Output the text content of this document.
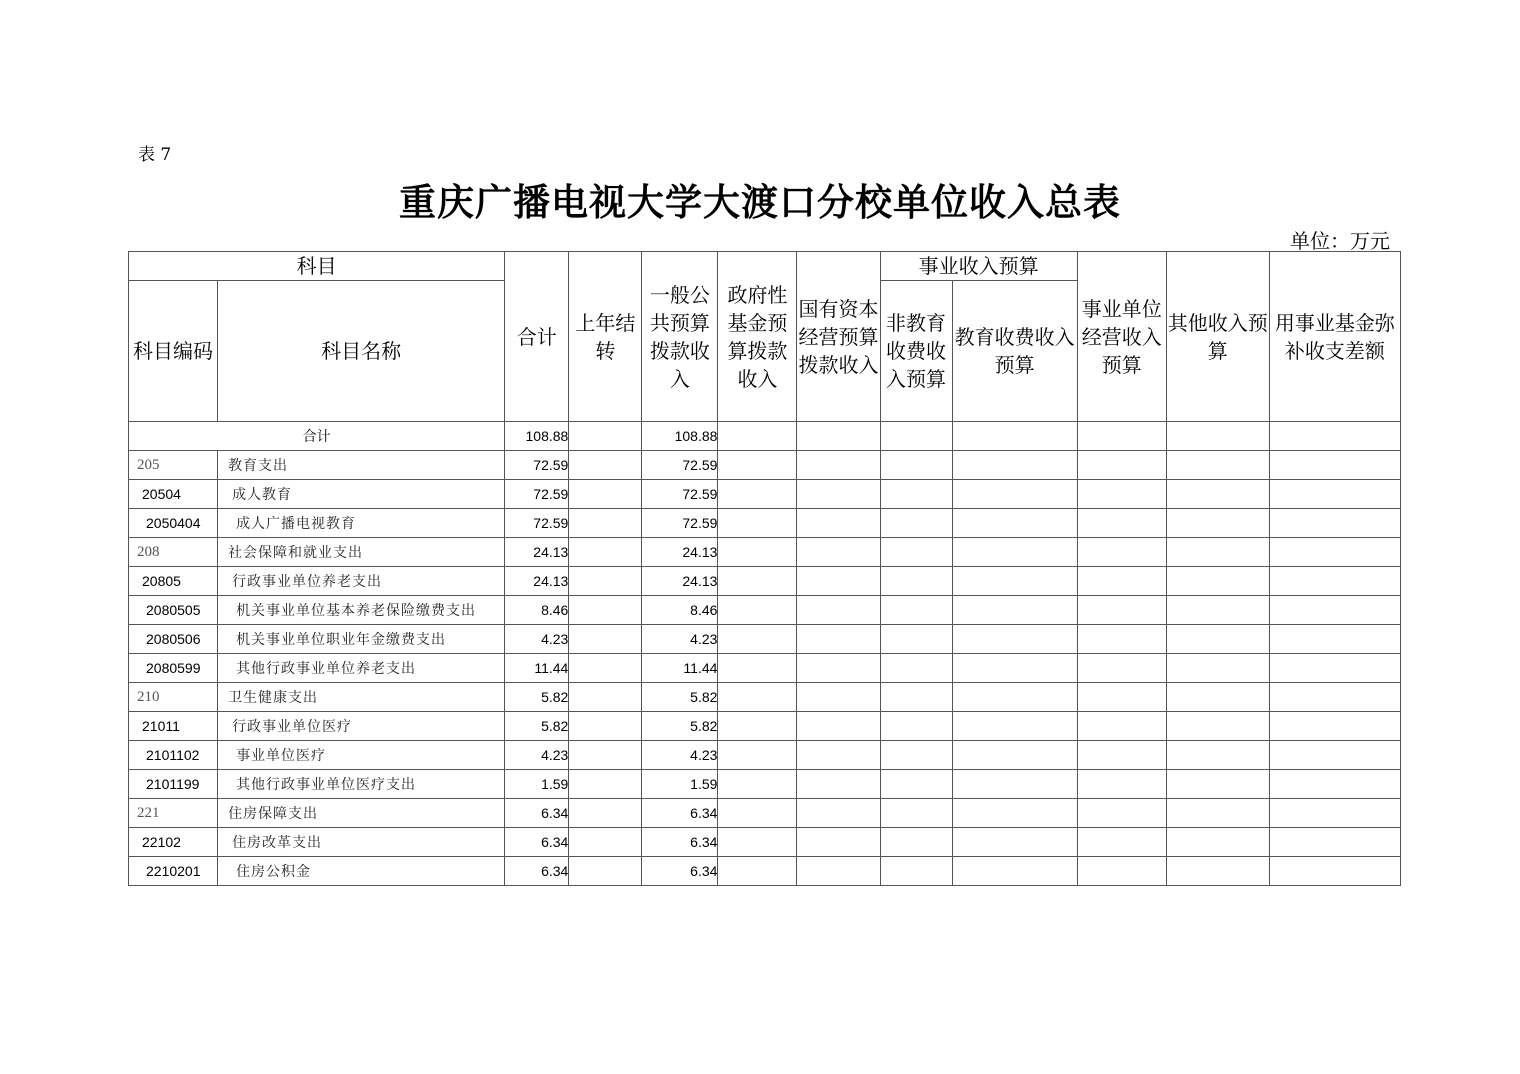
表 7
重庆广播电视大学大渡口分校单位收入总表
单位：万元
科目		合计	上年结转	一般公共预算拨款收入	政府性基金预算拨款收入	国有资本经营预算拨款收入	事业收入预算		事业单位经营收入预算	其他收入预算	用事业基金弥补收支差额
科目编码	科目名称						非教育收费收入预算	教育收费收入预算			
合计		108.88		108.88							
205	教育支出	72.59		72.59							
20504	成人教育	72.59		72.59							
2050404	成人广播电视教育	72.59		72.59							
208	社会保障和就业支出	24.13		24.13							
20805	行政事业单位养老支出	24.13		24.13							
2080505	机关事业单位基本养老保险缴费支出	8.46		8.46							
2080506	机关事业单位职业年金缴费支出	4.23		4.23							
2080599	其他行政事业单位养老支出	11.44		11.44							
210	卫生健康支出	5.82		5.82							
21011	行政事业单位医疗	5.82		5.82							
2101102	事业单位医疗	4.23		4.23							
2101199	其他行政事业单位医疗支出	1.59		1.59							
221	住房保障支出	6.34		6.34							
22102	住房改革支出	6.34		6.34							
2210201	住房公积金	6.34		6.34							
